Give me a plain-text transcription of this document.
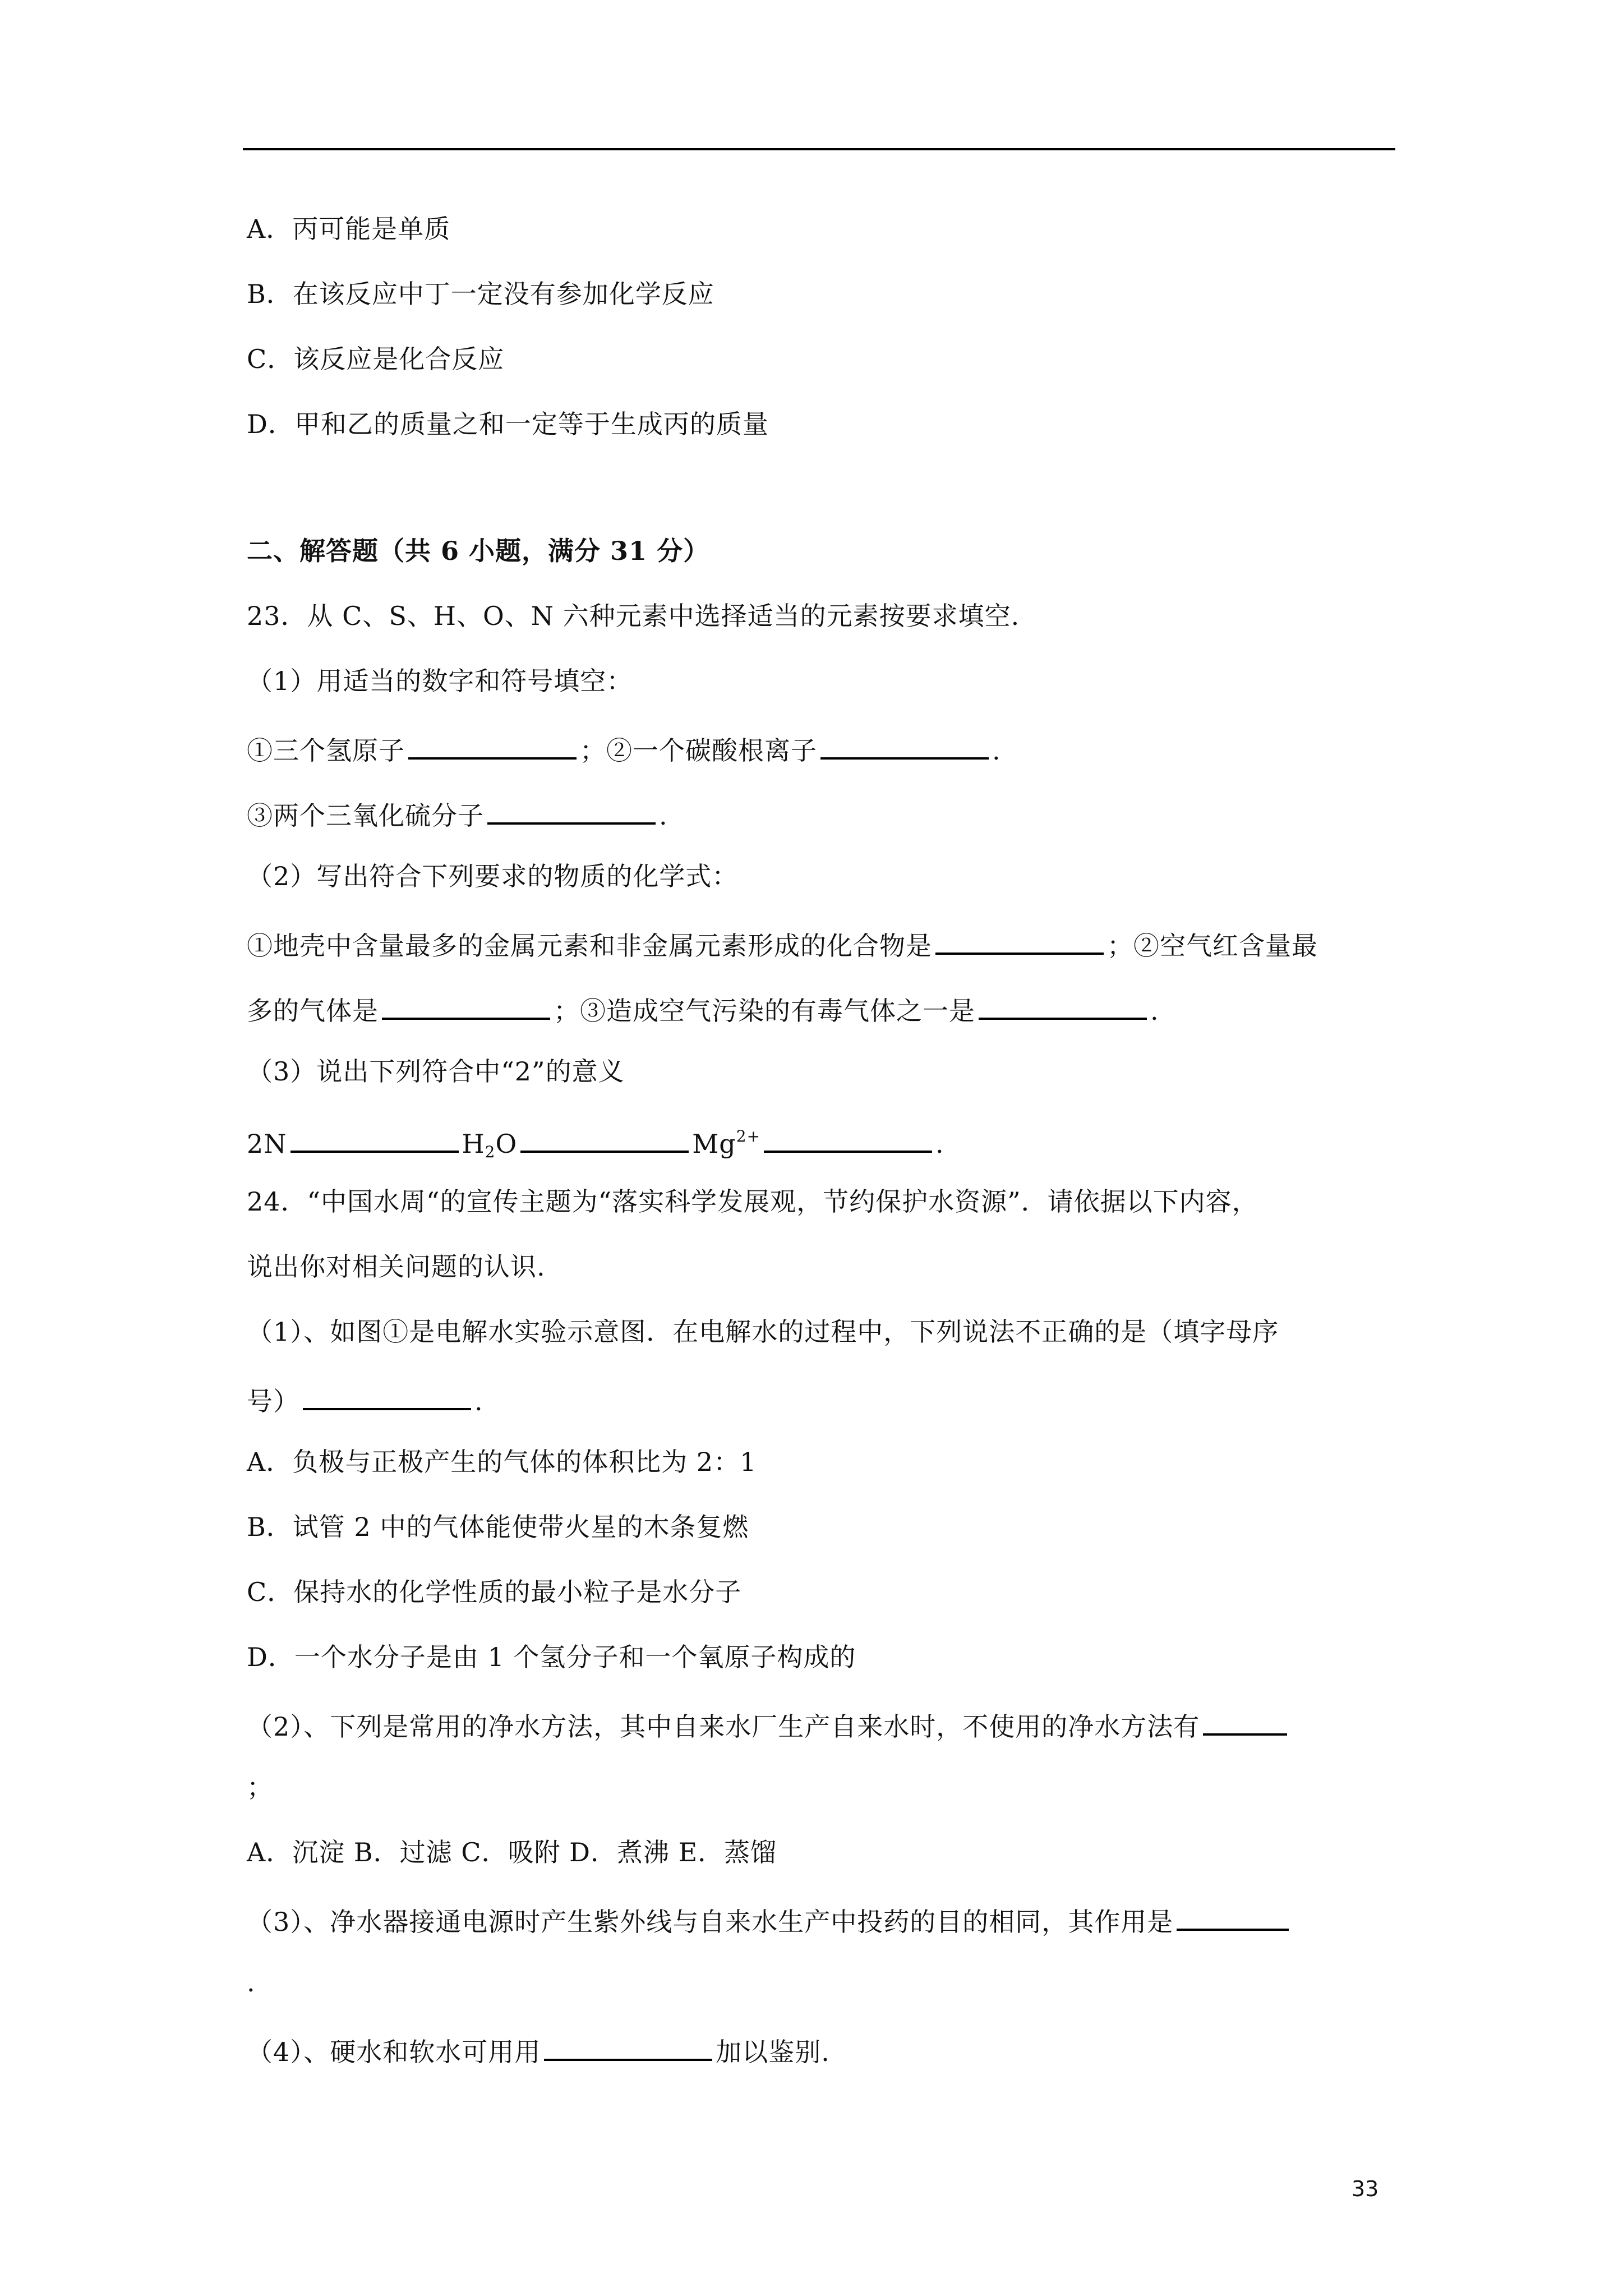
A．丙可能是单质
B．在该反应中丁一定没有参加化学反应
C．该反应是化合反应
D．甲和乙的质量之和一定等于生成丙的质量
二、解答题（共 6 小题，满分 31 分）
23．从 C、S、H、O、N 六种元素中选择适当的元素按要求填空.
（1）用适当的数字和符号填空：
①三个氢原子	；②一个碳酸根离子	.
③两个三氧化硫分子	.
（2）写出符合下列要求的物质的化学式：
①地壳中含量最多的金属元素和非金属元素形成的化合物是	；②空气红含量最
多的气体是	；③造成空气污染的有毒气体之一是	.
（3）说出下列符合中“2”的意义
2N	$H_2O$	$Mg^{2+}$	.
24．“中国水周“的宣传主题为“落实科学发展观，节约保护水资源”．请依据以下内容，
说出你对相关问题的认识.
（1）、如图①是电解水实验示意图．在电解水的过程中，下列说法不正确的是（填字母序
号）	.
A．负极与正极产生的气体的体积比为 2：1
B．试管 2 中的气体能使带火星的木条复燃
C．保持水的化学性质的最小粒子是水分子
D．一个水分子是由 1 个氢分子和一个氧原子构成的
（2）、下列是常用的净水方法，其中自来水厂生产自来水时，不使用的净水方法有
；
A．沉淀 B．过滤 C．吸附 D．煮沸 E．蒸馏
（3）、净水器接通电源时产生紫外线与自来水生产中投药的目的相同，其作用是
.
（4）、硬水和软水可用用	加以鉴别.
33
